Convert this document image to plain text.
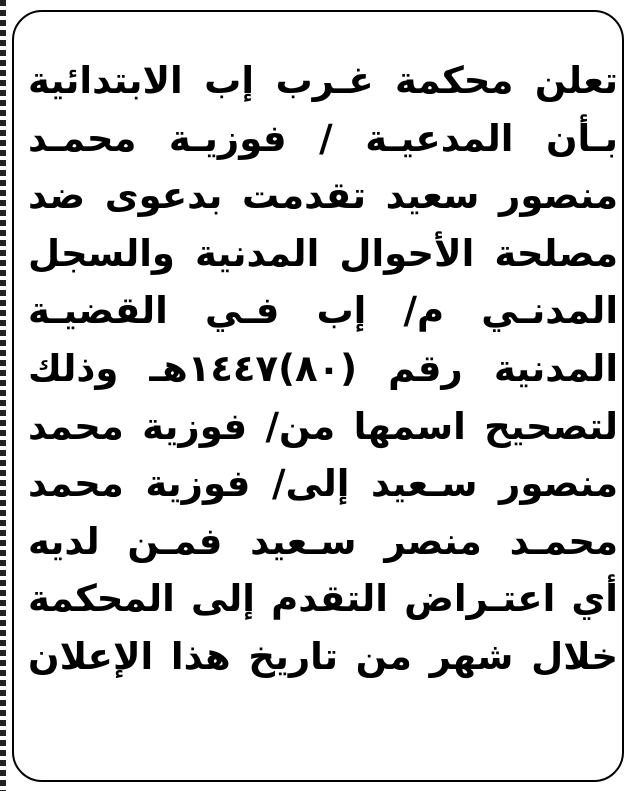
تعلن محكمة غـرب إب الابتدائية
بـأن المدعيـة / فوزيـة محمـد
منصور سعيد تقدمت بدعوى ضد
مصلحة الأحوال المدنية والسجل
المدنـي م/ إب فـي القضيـة
المدنية رقم (٨٠)١٤٤٧هـ وذلك
لتصحيح اسمها من/ فوزية محمد
منصور سـعيد إلى/ فوزية محمد
محمـد منصر سـعيد فمـن لديه
أي اعتـراض التقدم إلى المحكمة
خلال شهر من تاريخ هذا الإعلان
